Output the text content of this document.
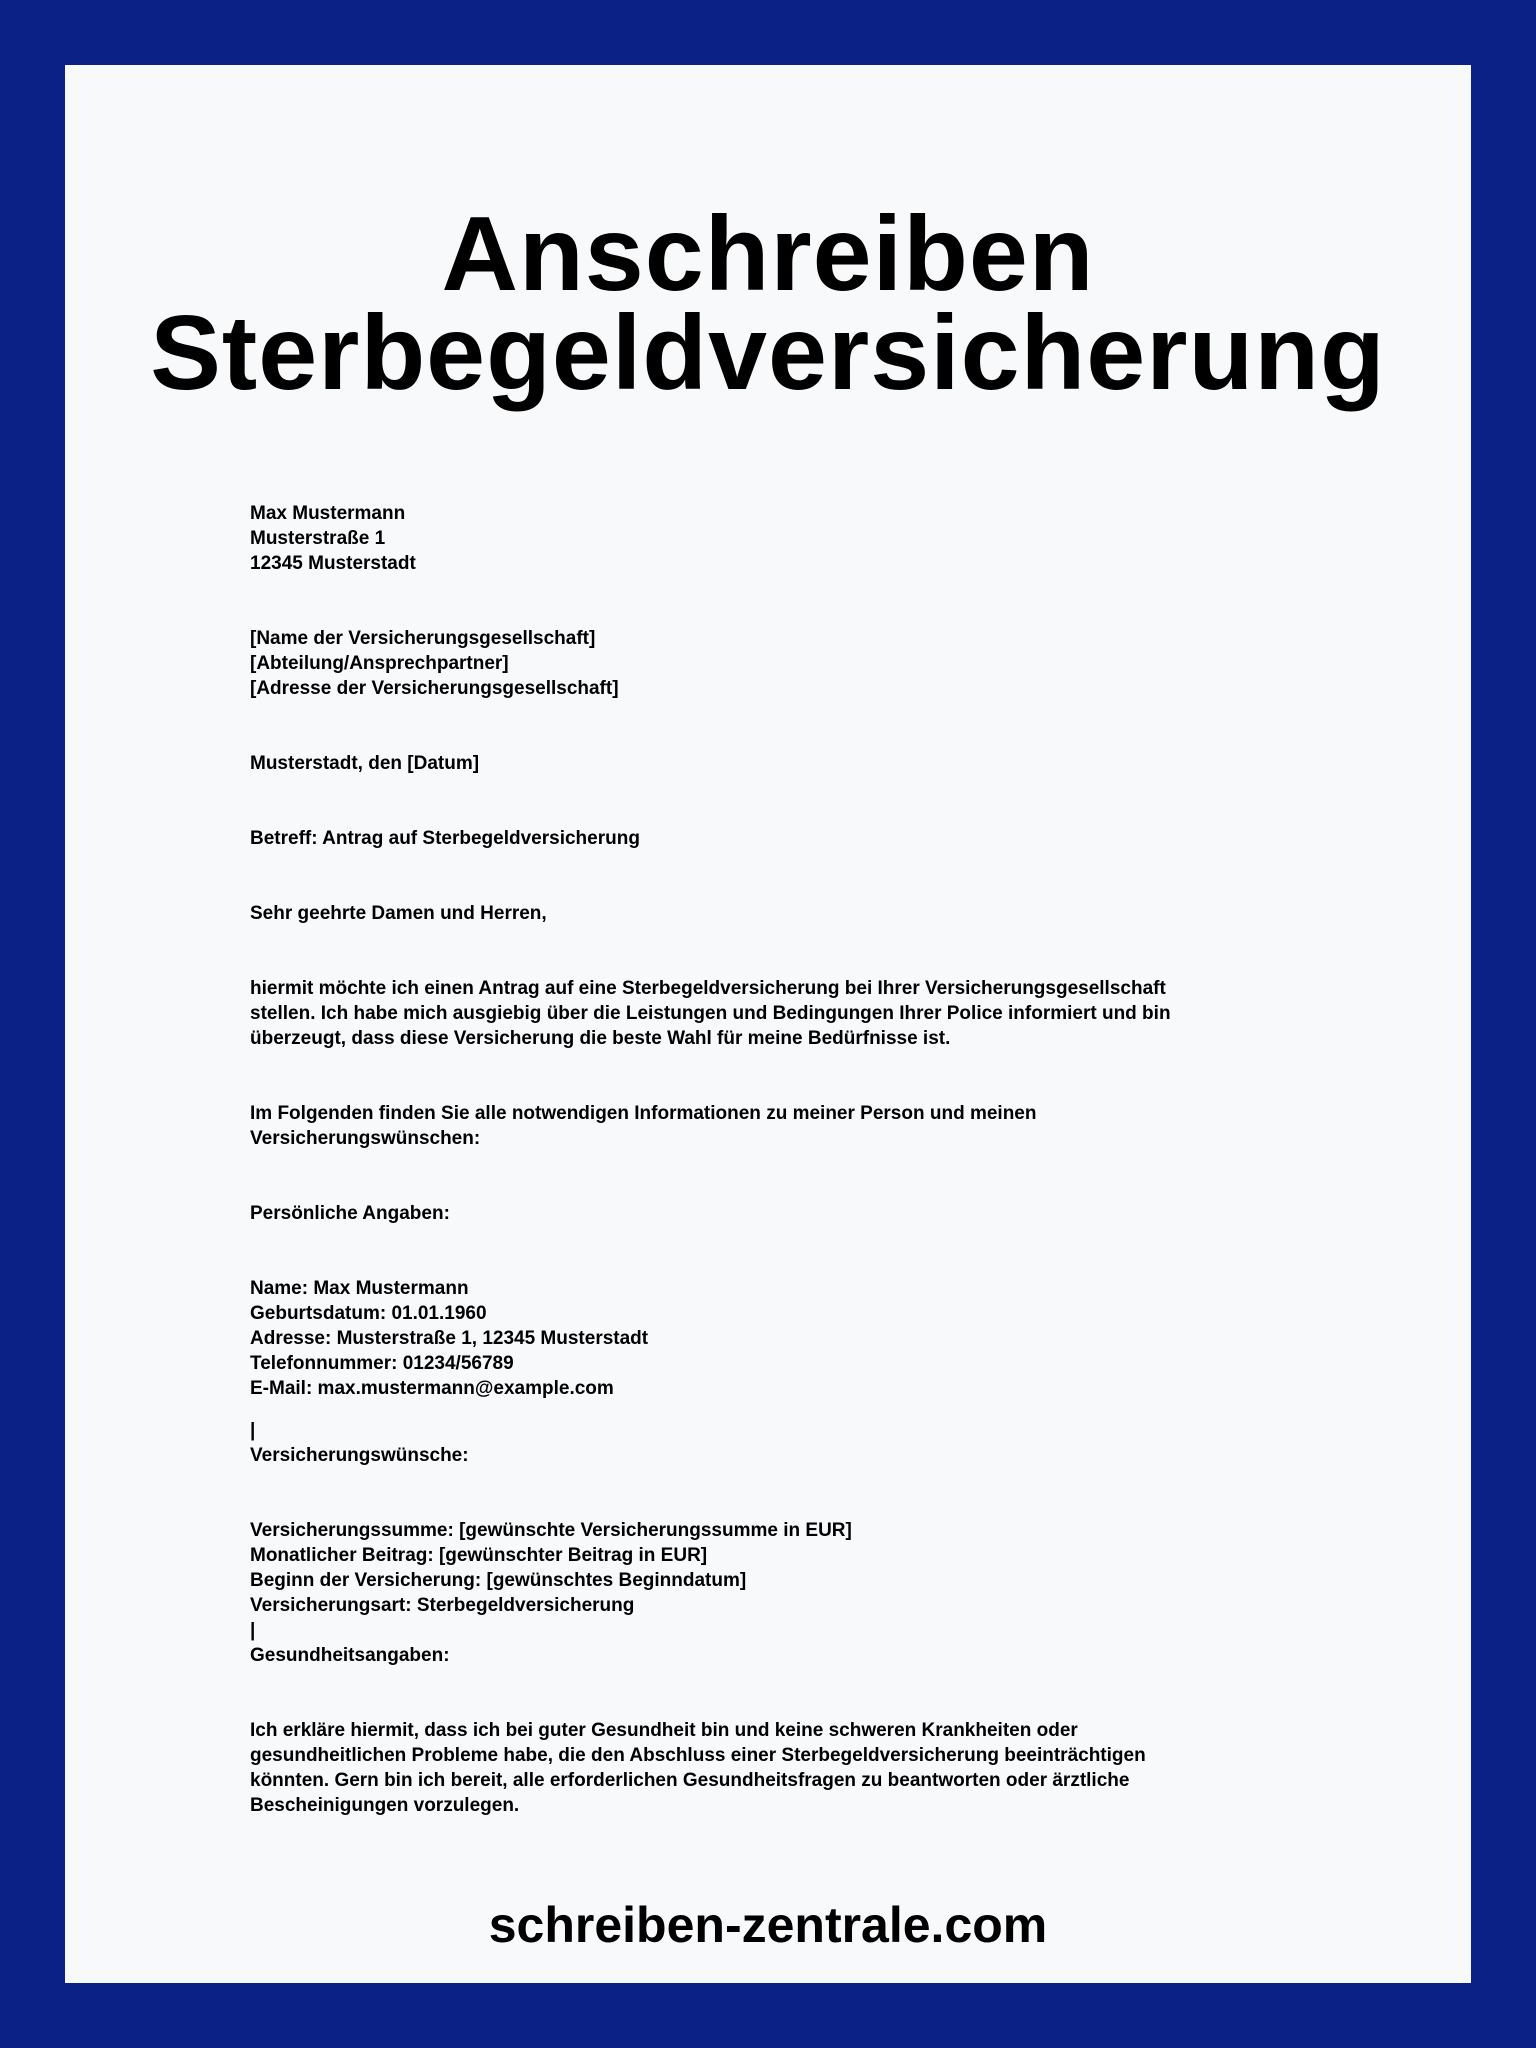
Anschreiben
Sterbegeldversicherung
Max Mustermann
Musterstraße 1
12345 Musterstadt
[Name der Versicherungsgesellschaft]
[Abteilung/Ansprechpartner]
[Adresse der Versicherungsgesellschaft]
Musterstadt, den [Datum]
Betreff: Antrag auf Sterbegeldversicherung
Sehr geehrte Damen und Herren,
hiermit möchte ich einen Antrag auf eine Sterbegeldversicherung bei Ihrer Versicherungsgesellschaft
stellen. Ich habe mich ausgiebig über die Leistungen und Bedingungen Ihrer Police informiert und bin
überzeugt, dass diese Versicherung die beste Wahl für meine Bedürfnisse ist.
Im Folgenden finden Sie alle notwendigen Informationen zu meiner Person und meinen
Versicherungswünschen:
Persönliche Angaben:
Name: Max Mustermann
Geburtsdatum: 01.01.1960
Adresse: Musterstraße 1, 12345 Musterstadt
Telefonnummer: 01234/56789
E-Mail: max.mustermann@example.com
|
Versicherungswünsche:
Versicherungssumme: [gewünschte Versicherungssumme in EUR]
Monatlicher Beitrag: [gewünschter Beitrag in EUR]
Beginn der Versicherung: [gewünschtes Beginndatum]
Versicherungsart: Sterbegeldversicherung
|
Gesundheitsangaben:
Ich erkläre hiermit, dass ich bei guter Gesundheit bin und keine schweren Krankheiten oder
gesundheitlichen Probleme habe, die den Abschluss einer Sterbegeldversicherung beeinträchtigen
könnten. Gern bin ich bereit, alle erforderlichen Gesundheitsfragen zu beantworten oder ärztliche
Bescheinigungen vorzulegen.
schreiben-zentrale.com
